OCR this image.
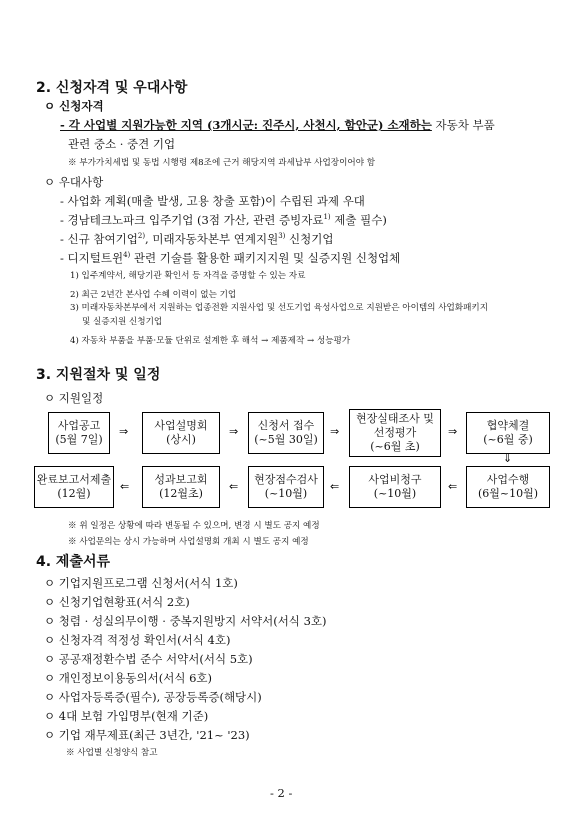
2. 신청자격 및 우대사항
ㅇ 신청자격
- 각 사업별 지원가능한 지역 (3개시군: 진주시, 사천시, 함안군) 소재하는 자동차 부품
관련 중소 · 중견 기업
※ 부가가치세법 및 동법 시행령 제8조에 근거 해당지역 과세납부 사업장이어야 함
ㅇ 우대사항
- 사업화 계획(매출 발생, 고용 창출 포함)이 수립된 과제 우대
- 경남테크노파크 입주기업 (3점 가산, 관련 증빙자료$^{1)}$ 제출 필수)
- 신규 참여기업$^{2)}$, 미래자동차본부 연계지원$^{3)}$ 신청기업
- 디지털트윈$^{4)}$ 관련 기술를 활용한 패키지지원 및 실증지원 신청업체
1) 입주계약서, 해당기관 확인서 등 자격을 증명할 수 있는 자료
2) 최근 2년간 본사업 수혜 이력이 없는 기업
3) 미래자동차본부에서 지원하는 업종전환 지원사업 및 선도기업 육성사업으로 지원받은 아이템의 사업화패키지
및 실증지원 신청기업
4) 자동차 부품을 부품·모듈 단위로 설계한 후 해석 → 제품제작 → 성능평가
3. 지원절차 및 일정
ㅇ 지원일정
사업공고
(5월 7일)
⇒ 사업설명회
(상시)
⇒ 신청서 접수
(~5월 30일)
⇒
현장실태조사 및
선정평가
(~6월 초)
⇒	협약체결
(~6월 중)
⇓
완료보고서제출
(12월)
⇐
성과보고회
(12월초)
⇐
현장점수검사
(~10월)
⇐
사업비청구
(~10월)
⇐
사업수행
(6월~10월)
※ 위 일정은 상황에 따라 변동될 수 있으며, 변경 시 별도 공지 예정
※ 사업문의는 상시 가능하며 사업설명회 개최 시 별도 공지 예정
4. 제출서류
ㅇ 기업지원프로그램 신청서(서식 1호)
ㅇ 신청기업현황표(서식 2호)
ㅇ 청렴 · 성실의무이행 · 중복지원방지 서약서(서식 3호)
ㅇ 신청자격 적정성 확인서(서식 4호)
ㅇ 공공재정환수법 준수 서약서(서식 5호)
ㅇ 개인정보이용동의서(서식 6호)
ㅇ 사업자등록증(필수), 공장등록증(해당시)
ㅇ 4대 보험 가입명부(현재 기준)
ㅇ 기업 재무제표(최근 3년간, '21~ '23)
※ 사업별 신청양식 참고
- 2 -
